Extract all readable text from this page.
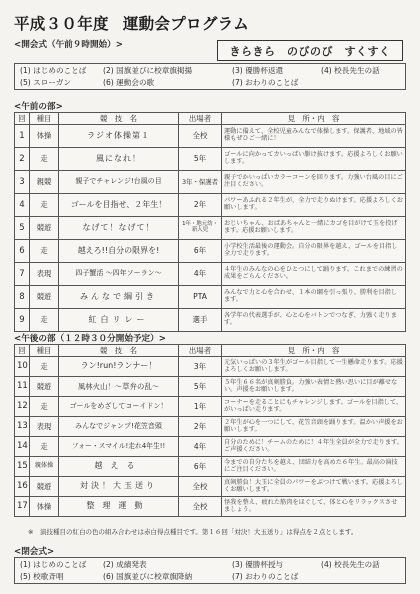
平成３０年度 運動会プログラム
<開会式（午前９時開始）>	きらきら　のびのび　すくすく
(1) はじめのことば	(2) 国旗並びに校章旗掲揚	(3) 優勝杯返還	(4) 校長先生の話
(5) スローガン	(6) 運動会の歌	(7) おわりのことば
<午前の部>
回	種目	競　技　名	出場者	見　所・内　容
1	体操	ラジオ体操第１	全校	運動に備えて、全校児童みんなで体操します。保護者、地域の皆様もぜひご一緒に！
2	走	風になれ！	5年	ゴールに向かってカいっぱい駆け抜けます。応援よろしくお願いします。
3	親競	親子でチャレンジ!台風の目	3年・保護者	親子でかいっぱいカラーコーンを回ります。力強い台風の目にご注目ください。
4	走	ゴールを目指せ、２年生！	2年	パワーあふれる２年生が、全力で走りぬけます。応援よろしくお願いします。
5	競遊	なげて！なげて！	1年・地元幼・新入児	おじいちゃん、おばあちゃんと一緒にカゴを目がけて玉を投げます。応援お願いします。
6	走	越えろ!!自分の限界を!	6年	小学校生活最後の運動会。自分の限界を越え、ゴールを目指し全力で走ります。
7	表現	四子蟹活 〜四年ソーラン〜	4年	４年生のみんなの心をひとつにして踊ります。これまでの練習の成果をごらんください。
8	競遊	みんなで綱引き	PTA	みんなで力と心を合わせ、１本の綱を引っ張り、勝利を目指します。
9	走	紅白リレー	選手	各学年の代表選手が、心と心をバトンでつなぎ、力強く走ります。
<午後の部（１２時３０分開始予定）>
回	種目	競　技　名	出場者	見　所・内　容
10	走	ラン!run!ランナー！	3年	元気いっぱいの３年生がゴール目指して一生懸命走ります。応援よろしくお願いします。
11	競遊	風林火山！〜草弁の乱〜	5年	５年生６６名が真剣勝負。力強い表情と熱い思いに目が離せない。声援をお願いします。
12	走	ゴールをめざしてコーイドン！	1年	コーナーを走ることにもチャレンジします。ゴールを目指して、がいっぱい走ります。
13	表現	みんなでジャンプ!花笠音頭	2年	２年生が心を一つにして、花笠音頭を踊ります。温かい声援をお願いします。
14	走	フォー・スマイル!走れ4年生!!	4年	自分のために！チームのために！４年生全員が全力で走ります。ご声援ください。
15	親体操	越える	6年	今までの自分たちを越え、団結力を高めた６年生。最高の演技にご注目ください。
16	競遊	対決！大玉送り	全校	真剣勝負！大玉に全員のパワーをぶつけて戦います。応援よろしくお願いします。
17	体操	整理運動	全校	怪我を整え、疲れた筋肉をほぐして、体と心をリラックスさせましょう。
※　演技種目の紅白の色の組み合わせは赤白得点種目です。第１６回「対決！大玉送り」は得点を２点とします。
<閉会式>
(1) はじめのことば	(2) 成績発表	(3) 優勝杯授与	(4) 校長先生の話
(5) 校歌斉唱	(6) 国旗並びに校章旗降納	(7) おわりのことば
